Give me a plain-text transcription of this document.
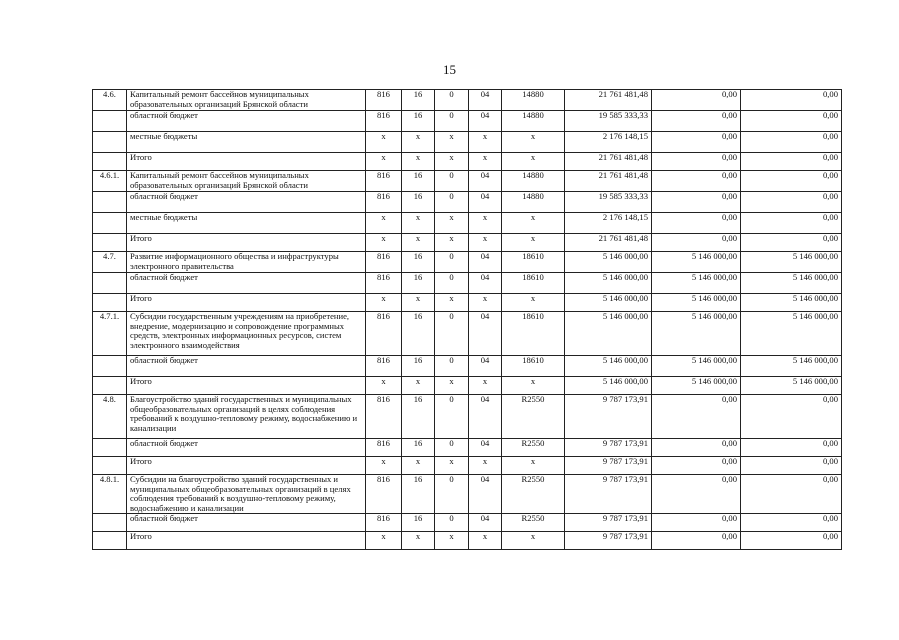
15
4.6.	Капитальный ремонт бассейнов муниципальных образовательных организаций Брянской области	816	16	0	04	14880	21 761 481,48	0,00	0,00
	областной бюджет	816	16	0	04	14880	19 585 333,33	0,00	0,00
	местные бюджеты	x	x	x	x	x	2 176 148,15	0,00	0,00
	Итого	x	x	x	x	x	21 761 481,48	0,00	0,00
4.6.1.	Капитальный ремонт бассейнов муниципальных образовательных организаций Брянской области	816	16	0	04	14880	21 761 481,48	0,00	0,00
	областной бюджет	816	16	0	04	14880	19 585 333,33	0,00	0,00
	местные бюджеты	x	x	x	x	x	2 176 148,15	0,00	0,00
	Итого	x	x	x	x	x	21 761 481,48	0,00	0,00
4.7.	Развитие информационного общества и инфраструктуры электронного правительства	816	16	0	04	18610	5 146 000,00	5 146 000,00	5 146 000,00
	областной бюджет	816	16	0	04	18610	5 146 000,00	5 146 000,00	5 146 000,00
	Итого	x	x	x	x	x	5 146 000,00	5 146 000,00	5 146 000,00
4.7.1.	Субсидии государственным учреждениям на приобретение, внедрение, модернизацию и сопровождение программных средств, электронных информационных ресурсов, систем электронного взаимодействия	816	16	0	04	18610	5 146 000,00	5 146 000,00	5 146 000,00
	областной бюджет	816	16	0	04	18610	5 146 000,00	5 146 000,00	5 146 000,00
	Итого	x	x	x	x	x	5 146 000,00	5 146 000,00	5 146 000,00
4.8.	Благоустройство зданий государственных и муниципальных общеобразовательных организаций в целях соблюдения требований к воздушно-тепловому режиму, водоснабжению и канализации	816	16	0	04	R2550	9 787 173,91	0,00	0,00
	областной бюджет	816	16	0	04	R2550	9 787 173,91	0,00	0,00
	Итого	x	x	x	x	x	9 787 173,91	0,00	0,00
4.8.1.	Субсидии на благоустройство зданий государственных и муниципальных общеобразовательных организаций в целях соблюдения требований к воздушно-тепловому режиму, водоснабжению и канализации	816	16	0	04	R2550	9 787 173,91	0,00	0,00
	областной бюджет	816	16	0	04	R2550	9 787 173,91	0,00	0,00
	Итого	x	x	x	x	x	9 787 173,91	0,00	0,00
